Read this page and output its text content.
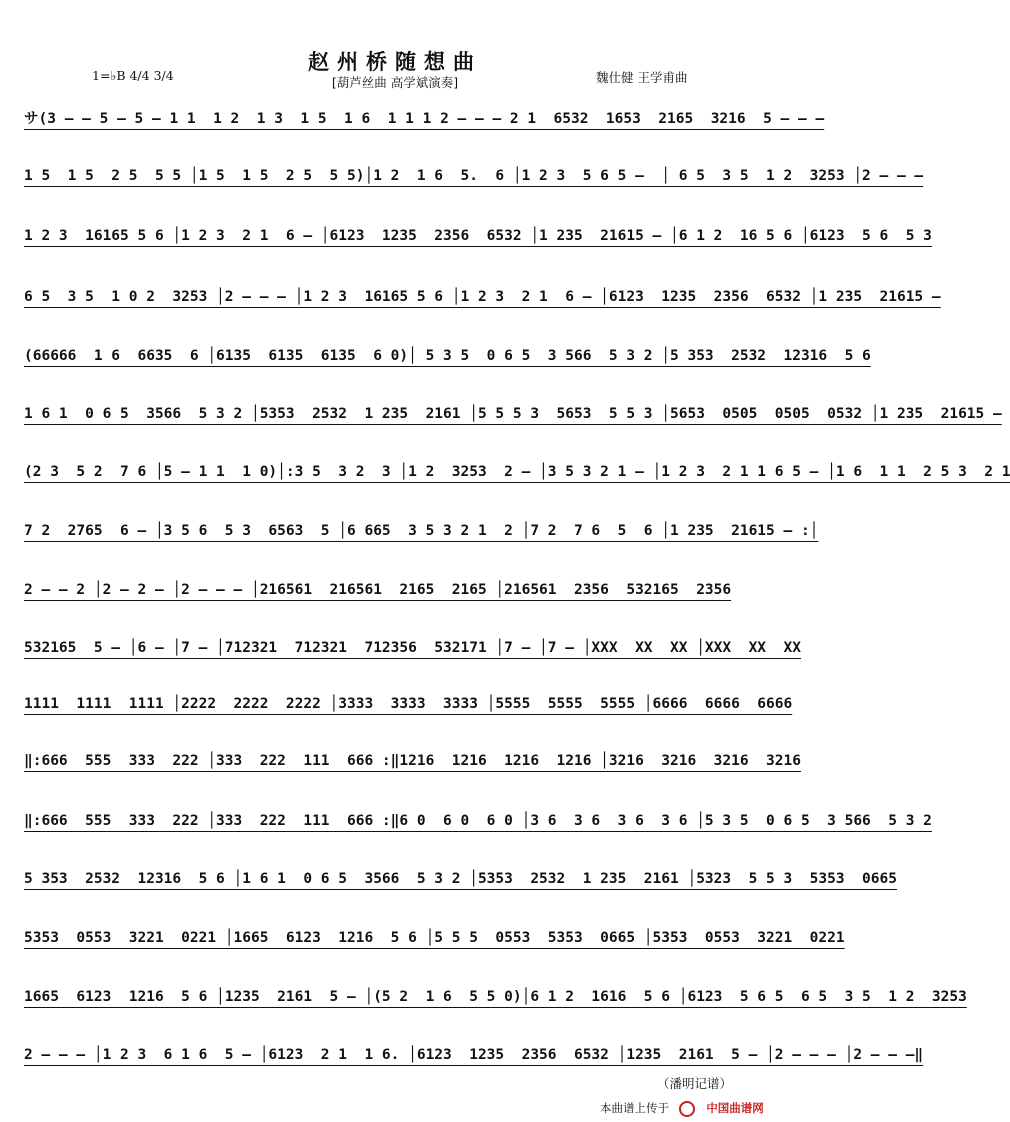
赵州桥随想曲
[葫芦丝曲 高学斌演奏]
1=♭B 4/4 3/4	魏仕健 王学甫曲
サ(3 — — 5 — 5 — 1 1  1 2  1 3  1 5  1 6  1 1 1 2 — — — 2 1  6532  1653  2165  3216  5 — — —
1 5  1 5  2 5  5 5 │1 5  1 5  2 5  5 5)│1 2  1 6  5.  6 │1 2 3  5 6 5 —  │ 6 5  3 5  1 2  3253 │2 — — —
1 2 3  16165 5 6 │1 2 3  2 1  6 — │6123  1235  2356  6532 │1 235  21615 — │6 1 2  16 5 6 │6123  5 6  5 3
6 5  3 5  1 0 2  3253 │2 — — — │1 2 3  16165 5 6 │1 2 3  2 1  6 — │6123  1235  2356  6532 │1 235  21615 —
(66666  1 6  6635  6 │6135  6135  6135  6 0)│ 5 3 5  0 6 5  3 566  5 3 2 │5 353  2532  12316  5 6
1 6 1  0 6 5  3566  5 3 2 │5353  2532  1 235  2161 │5 5 5 3  5653  5 5 3 │5653  0505  0505  0532 │1 235  21615 —
(2 3  5 2  7 6 │5 — 1 1  1 0)│:3 5  3 2  3 │1 2  3253  2 — │3 5 3 2 1 — │1 2 3  2 1 1 6 5 — │1 6  1 1  2 5 3  2 1
7 2  2765  6 — │3 5 6  5 3  6563  5 │6 665  3 5 3 2 1  2 │7 2  7 6  5  6 │1 235  21615 — :│
2 — — 2 │2 — 2 — │2 — — — │216561  216561  2165  2165 │216561  2356  532165  2356
532165  5 — │6 — │7 — │712321  712321  712356  532171 │7 — │7 — │XXX  XX  XX │XXX  XX  XX
1111  1111  1111 │2222  2222  2222 │3333  3333  3333 │5555  5555  5555 │6666  6666  6666
‖:666  555  333  222 │333  222  111  666 :‖1216  1216  1216  1216 │3216  3216  3216  3216
‖:666  555  333  222 │333  222  111  666 :‖6 0  6 0  6 0 │3 6  3 6  3 6  3 6 │5 3 5  0 6 5  3 566  5 3 2
5 353  2532  12316  5 6 │1 6 1  0 6 5  3566  5 3 2 │5353  2532  1 235  2161 │5323  5 5 3  5353  0665
5353  0553  3221  0221 │1665  6123  1216  5 6 │5 5 5  0553  5353  0665 │5353  0553  3221  0221
1665  6123  1216  5 6 │1235  2161  5 — │(5 2  1 6  5 5 0)│6 1 2  1616  5 6 │6123  5 6 5  6 5  3 5  1 2  3253
2 — — — │1 2 3  6 1 6  5 — │6123  2 1  1 6. │6123  1235  2356  6532 │1235  2161  5 — │2 — — — │2 — — —‖
（潘明记谱）
本曲谱上传于	中国曲谱网
